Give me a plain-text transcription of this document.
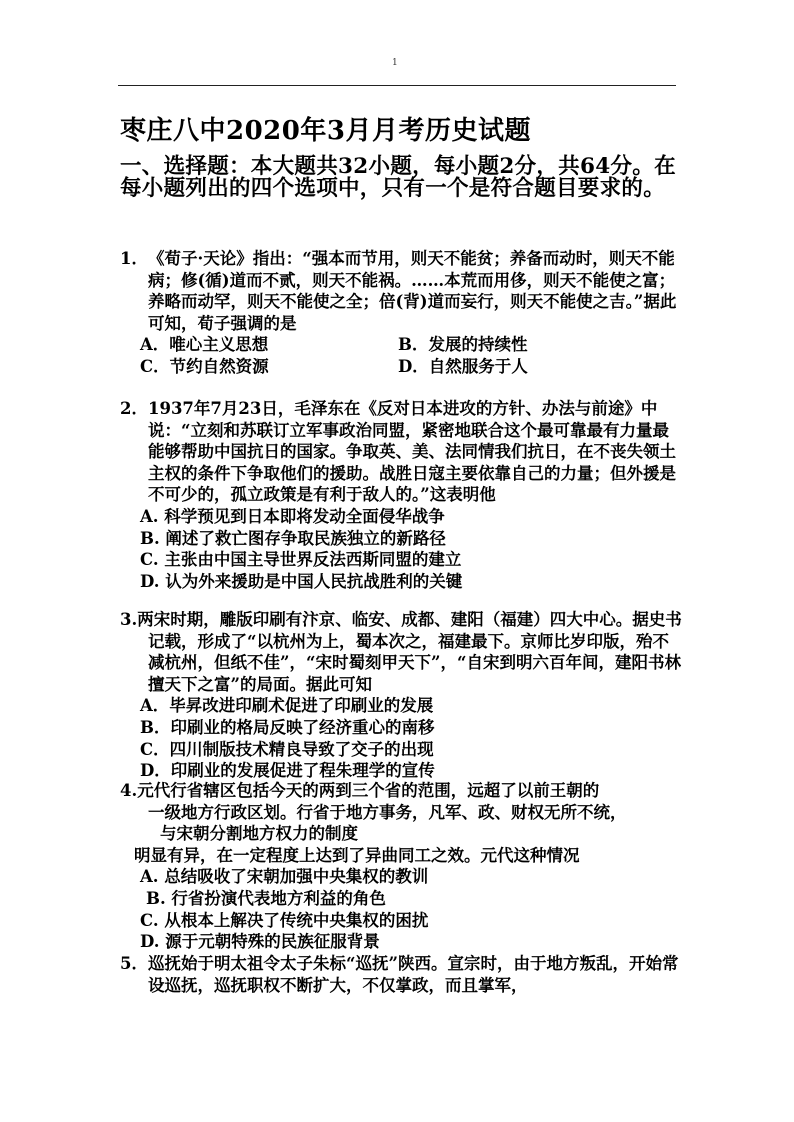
1
枣庄八中2020年3月月考历史试题
一、选择题：本大题共32小题，每小题2分，共64分。在每小题列出的四个选项中，只有一个是符合题目要求的。
1．《荀子·天论》指出：“强本而节用，则天不能贫；养备而动时，则天不能病；修(循)道而不贰，则天不能祸。……本荒而用侈，则天不能使之富；养略而动罕，则天不能使之全；倍(背)道而妄行，则天不能使之吉。”据此可知，荀子强调的是
A．唯心主义思想	B．发展的持续性
C．节约自然资源	D．自然服务于人
2．1937年7月23日，毛泽东在《反对日本进攻的方针、办法与前途》中说：“立刻和苏联订立军事政治同盟，紧密地联合这个最可靠最有力量最能够帮助中国抗日的国家。争取英、美、法同情我们抗日，在不丧失领土主权的条件下争取他们的援助。战胜日寇主要依靠自己的力量；但外援是不可少的，孤立政策是有利于敌人的。”这表明他
A. 科学预见到日本即将发动全面侵华战争
B. 阐述了救亡图存争取民族独立的新路径
C. 主张由中国主导世界反法西斯同盟的建立
D. 认为外来援助是中国人民抗战胜利的关键
3.两宋时期，雕版印刷有汴京、临安、成都、建阳（福建）四大中心。据史书记载，形成了“以杭州为上，蜀本次之，福建最下。京师比岁印版，殆不减杭州，但纸不佳”，“宋时蜀刻甲天下”，“自宋到明六百年间，建阳书林擅天下之富”的局面。据此可知
A．毕昇改进印刷术促进了印刷业的发展
B．印刷业的格局反映了经济重心的南移
C．四川制版技术精良导致了交子的出现
D．印刷业的发展促进了程朱理学的宣传
4.元代行省辖区包括今天的两到三个省的范围，远超了以前王朝的
一级地方行政区划。行省于地方事务，凡军、政、财权无所不统，
与宋朝分割地方权力的制度
明显有异，在一定程度上达到了异曲同工之效。元代这种情况
A. 总结吸收了宋朝加强中央集权的教训
B. 行省扮演代表地方利益的角色
C. 从根本上解决了传统中央集权的困扰
D. 源于元朝特殊的民族征服背景
5．巡抚始于明太祖令太子朱标“巡抚”陕西。宣宗时，由于地方叛乱，开始常设巡抚，巡抚职权不断扩大，不仅掌政，而且掌军，
